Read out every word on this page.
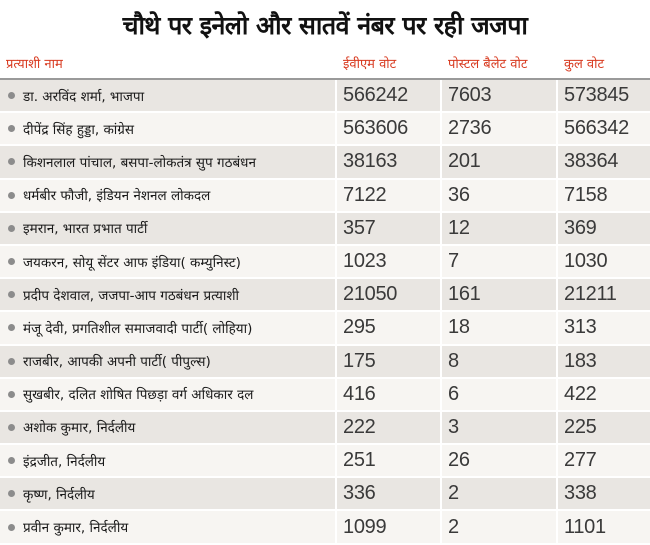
चौथे पर इनेलो और सातवें नंबर पर रही जजपा
प्रत्याशी नाम	ईवीएम वोट	पोस्टल बैलेट वोट	कुल वोट
डा. अरविंद शर्मा, भाजपा	566242	7603	573845
दीपेंद्र सिंह हुड्डा, कांग्रेस	563606	2736	566342
किशनलाल पांचाल, बसपा-लोकतंत्र सुप गठबंधन	38163	201	38364
धर्मबीर फौजी, इंडियन नेशनल लोकदल	7122	36	7158
इमरान, भारत प्रभात पार्टी	357	12	369
जयकरन, सोयू सेंटर आफ इंडिया( कम्युनिस्ट)	1023	7	1030
प्रदीप देशवाल, जजपा-आप गठबंधन प्रत्याशी	21050	161	21211
मंजू देवी, प्रगतिशील समाजवादी पार्टी( लोहिया)	295	18	313
राजबीर, आपकी अपनी पार्टी( पीपुल्स)	175	8	183
सुखबीर, दलित शोषित पिछड़ा वर्ग अधिकार दल	416	6	422
अशोक कुमार, निर्दलीय	222	3	225
इंद्रजीत, निर्दलीय	251	26	277
कृष्ण, निर्दलीय	336	2	338
प्रवीन कुमार, निर्दलीय	1099	2	1101
